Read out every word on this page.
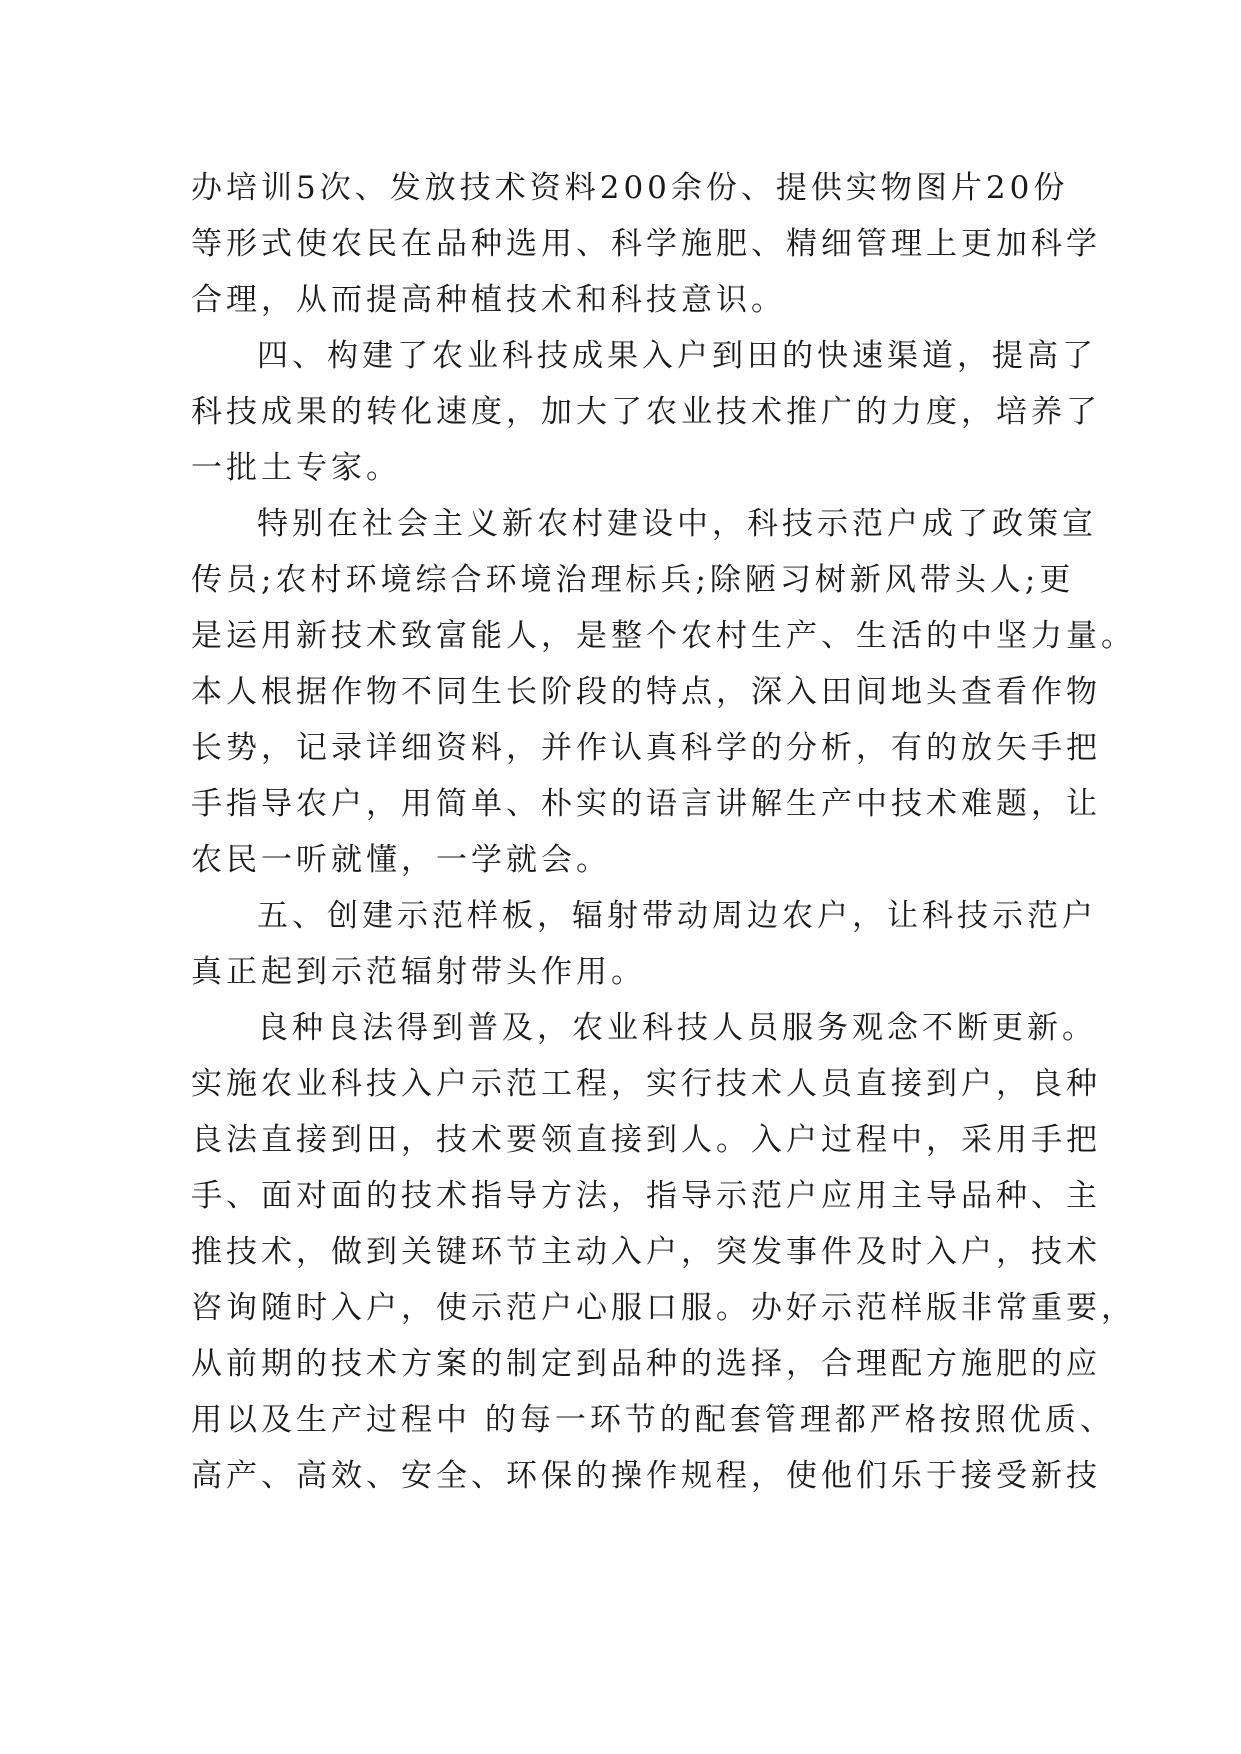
办培训5次、发放技术资料200余份、提供实物图片20份
等形式使农民在品种选用、科学施肥、精细管理上更加科学
合理，从而提高种植技术和科技意识。
四、构建了农业科技成果入户到田的快速渠道，提高了
科技成果的转化速度，加大了农业技术推广的力度，培养了
一批土专家。
特别在社会主义新农村建设中，科技示范户成了政策宣
传员;农村环境综合环境治理标兵;除陋习树新风带头人;更
是运用新技术致富能人，是整个农村生产、生活的中坚力量。
本人根据作物不同生长阶段的特点，深入田间地头查看作物
长势，记录详细资料，并作认真科学的分析，有的放矢手把
手指导农户，用简单、朴实的语言讲解生产中技术难题，让
农民一听就懂，一学就会。
五、创建示范样板，辐射带动周边农户，让科技示范户
真正起到示范辐射带头作用。
良种良法得到普及，农业科技人员服务观念不断更新。
实施农业科技入户示范工程，实行技术人员直接到户，良种
良法直接到田，技术要领直接到人。入户过程中，采用手把
手、面对面的技术指导方法，指导示范户应用主导品种、主
推技术，做到关键环节主动入户，突发事件及时入户，技术
咨询随时入户，使示范户心服口服。办好示范样版非常重要，
从前期的技术方案的制定到品种的选择，合理配方施肥的应
用以及生产过程中 的每一环节的配套管理都严格按照优质、
高产、高效、安全、环保的操作规程，使他们乐于接受新技
